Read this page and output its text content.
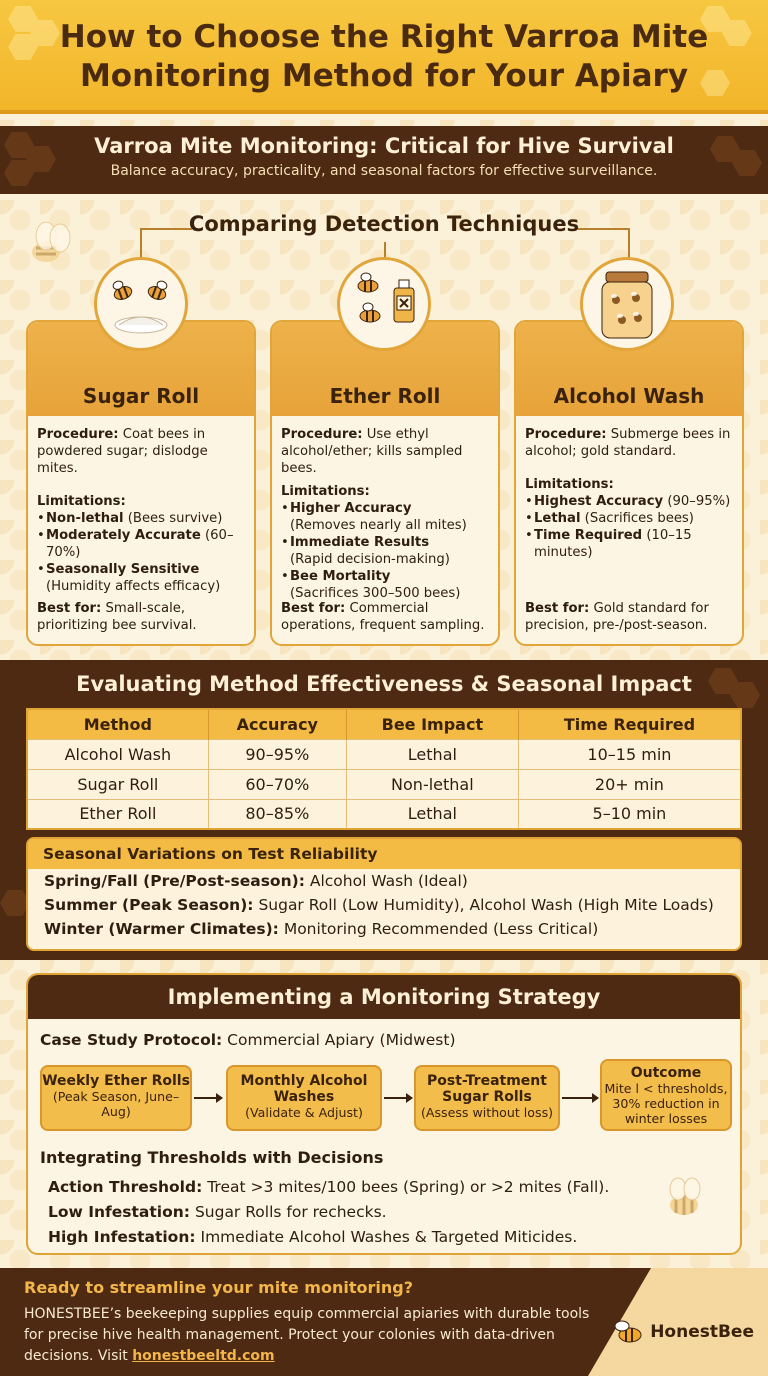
How to Choose the Right Varroa Mite Monitoring Method for Your Apiary
Varroa Mite Monitoring: Critical for Hive Survival
Balance accuracy, practicality, and seasonal factors for effective surveillance.
Comparing Detection Techniques
Sugar Roll
Procedure: Coat bees in powdered sugar; dislodge mites.
Limitations:
• Non-lethal (Bees survive)
• Moderately Accurate (60–70%)
• Seasonally Sensitive
(Humidity affects efficacy)
Best for: Small-scale, prioritizing bee survival.
Ether Roll
Procedure: Use ethyl alcohol/ether; kills sampled bees.
Limitations:
• Higher Accuracy
(Removes nearly all mites)
• Immediate Results
(Rapid decision-making)
• Bee Mortality
(Sacrifices 300–500 bees)
Best for: Commercial operations, frequent sampling.
Alcohol Wash
Procedure: Submerge bees in alcohol; gold standard.
Limitations:
• Highest Accuracy (90–95%)
• Lethal (Sacrifices bees)
• Time Required (10–15 minutes)
Best for: Gold standard for precision, pre-/post-season.
Evaluating Method Effectiveness & Seasonal Impact
Method	Accuracy	Bee Impact	Time Required
Alcohol Wash	90–95%	Lethal	10–15 min
Sugar Roll	60–70%	Non-lethal	20+ min
Ether Roll	80–85%	Lethal	5–10 min
Seasonal Variations on Test Reliability
Spring/Fall (Pre/Post-season): Alcohol Wash (Ideal)
Summer (Peak Season): Sugar Roll (Low Humidity), Alcohol Wash (High Mite Loads)
Winter (Warmer Climates): Monitoring Recommended (Less Critical)
Implementing a Monitoring Strategy
Case Study Protocol: Commercial Apiary (Midwest)
Weekly Ether Rolls
(Peak Season, June–Aug)
Monthly Alcohol Washes
(Validate & Adjust)
Post-Treatment Sugar Rolls
(Assess without loss)
Outcome
Mite l < thresholds, 30% reduction in winter losses
Integrating Thresholds with Decisions
Action Threshold: Treat >3 mites/100 bees (Spring) or >2 mites (Fall).
Low Infestation: Sugar Rolls for rechecks.
High Infestation: Immediate Alcohol Washes & Targeted Miticides.
Ready to streamline your mite monitoring?
HONESTBEE’s beekeeping supplies equip commercial apiaries with durable tools for precise hive health management. Protect your colonies with data-driven decisions. Visit honestbeeltd.com
HonestBee
